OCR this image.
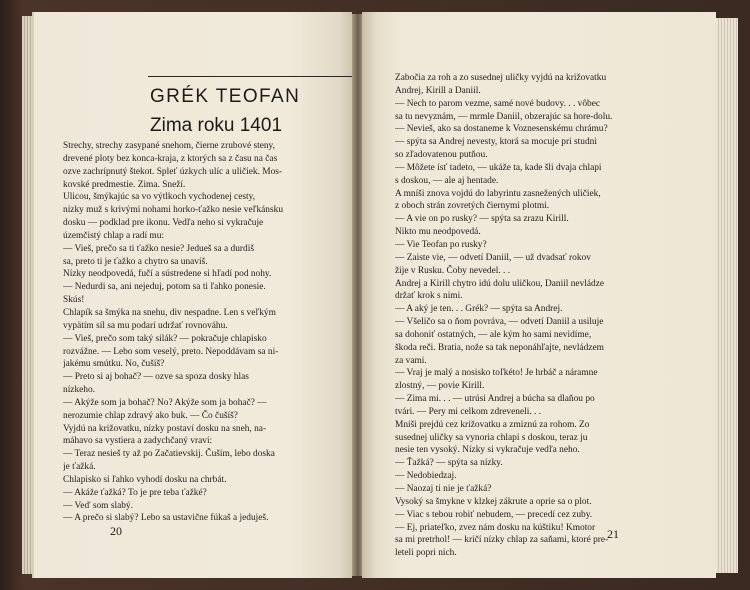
GRÉK TEOFAN
Zima roku 1401
Strechy, strechy zasypané snehom, čierne zrubové steny,
drevené ploty bez konca-kraja, z ktorých sa z času na čas
ozve zachrípnutý štekot. Spleť úzkych ulíc a uličiek. Mos-
kovské predmestie. Zima. Sneží.
Ulicou, šmýkajúc sa vo výtlkoch vychodenej cesty,
nízky muž s krivými nohami horko-ťažko nesie veľkánsku
dosku — podklad pre ikonu. Vedľa neho si vykračuje
územčistý chlap a radí mu:
— Vieš, prečo sa ti ťažko nesie? Jedueš sa a durdiš
sa, preto ti je ťažko a chytro sa unavíš.
Nízky neodpovedá, fučí a sústredene si hľadí pod nohy.
— Nedurdi sa, ani nejeduj, potom sa ti ľahko ponesie.
Skús!
Chlapík sa šmýka na snehu, div nespadne. Len s veľkým
vypätím síl sa mu podarí udržať rovnováhu.
— Vieš, prečo som taký silák? — pokračuje chlapisko
rozvážne. — Lebo som veselý, preto. Nepoddávam sa ni-
jakému smútku. No, čušíš?
— Preto si aj bohač? — ozve sa spoza dosky hlas
nízkeho.
— Akýže som ja bohač? No? Akýže som ja bohač? —
nerozumie chlap zdravý ako buk. — Čo čušíš?
Vyjdú na križovatku, nízky postaví dosku na sneh, na-
máhavo sa vystiera a zadychčaný vraví:
— Teraz nesieš ty až po Začatievskij. Čuším, lebo doska
je ťažká.
Chlapisko si ľahko vyhodí dosku na chrbát.
— Akáže ťažká? To je pre teba ťažké?
— Veď som slabý.
— A prečo si slabý? Lebo sa ustavične fúkaš a jeduješ.
20
Zabočia za roh a zo susednej uličky vyjdú na križovatku
Andrej, Kirill a Daniil.
— Nech to parom vezme, samé nové budovy. . . vôbec
sa tu nevyznám, — mrmle Daniil, obzerajúc sa hore-dolu.
— Nevieš, ako sa dostaneme k Voznesenskému chrámu?
— spýta sa Andrej nevesty, ktorá sa mocuje pri studni
so zľadovatenou putňou.
— Môžete ísť tadeto, — ukáže ta, kade šli dvaja chlapi
s doskou, — ale aj hentade.
A mníši znova vojdú do labyrintu zasnežených uličiek,
z oboch strán zovretých čiernymi plotmi.
— A vie on po rusky? — spýta sa zrazu Kirill.
Nikto mu neodpovedá.
— Vie Teofan po rusky?
— Zaiste vie, — odvetí Daniil, — už dvadsať rokov
žije v Rusku. Čoby nevedel. . .
Andrej a Kirill chytro idú dolu uličkou, Daniil nevládze
držať krok s nimi.
— A aký je ten. . . Grék? — spýta sa Andrej.
— Všeličo sa o ňom povráva, — odvetí Daniil a usiluje
sa dohoniť ostatných, — ale kým ho sami nevidíme,
škoda reči. Bratia, nože sa tak neponáhľajte, nevládzem
za vami.
— Vraj je malý a nosisko toľkéto! Je hrbáč a náramne
zlostný, — povie Kirill.
— Zima mi. . . — utrúsi Andrej a búcha sa dlaňou po
tvári. — Pery mi celkom zdreveneli. . .
Mníši prejdú cez križovatku a zmiznú za rohom. Zo
susednej uličky sa vynoria chlapi s doskou, teraz ju
nesie ten vysoký. Nízky si vykračuje vedľa neho.
— Ťažká? — spýta sa nízky.
— Nedobiedzaj.
— Naozaj ti nie je ťažká?
Vysoký sa šmykne v klzkej zákrute a oprie sa o plot.
— Viac s tebou robiť nebudem, — precedí cez zuby.
— Ej, priateľko, zvez nám dosku na kúštiku! Kmotor
sa mi pretrhol! — kričí nízky chlap za saňami, ktoré pre-
leteli popri nich.
21
